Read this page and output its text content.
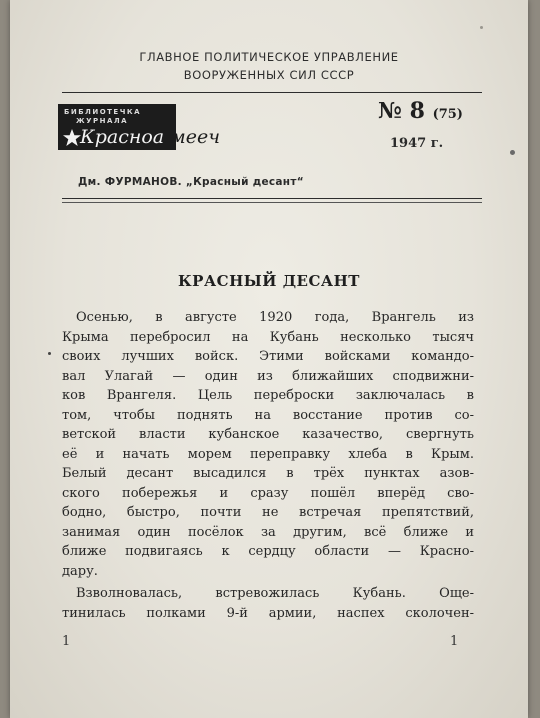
ГЛАВНОЕ ПОЛИТИЧЕСКОЕ УПРАВЛЕНИЕ
ВООРУЖЕННЫХ СИЛ СССР
БИБЛИОТЕЧКА
ЖУРНАЛА
Красноа мееч
№ 8 (75)
1947 г.
Дм. ФУРМАНОВ. „Красный десант“
КРАСНЫЙ ДЕСАНТ
Осенью, в августе 1920 года, Врангель из
Крыма перебросил на Кубань несколько тысяч
своих лучших войск. Этими войсками командо-
вал Улагай — один из ближайших сподвижни-
ков Врангеля. Цель переброски заключалась в
том, чтобы поднять на восстание против со-
ветской власти кубанское казачество, свергнуть
её и начать морем переправку хлеба в Крым.
Белый десант высадился в трёх пунктах азов-
ского побережья и сразу пошёл вперёд сво-
бодно, быстро, почти не встречая препятствий,
занимая один посёлок за другим, всё ближе и
ближе подвигаясь к сердцу области — Красно-
дару.
Взволновалась, встревожилась Кубань. Още-
тинилась полками 9-й армии, наспех сколочен-
1	1
